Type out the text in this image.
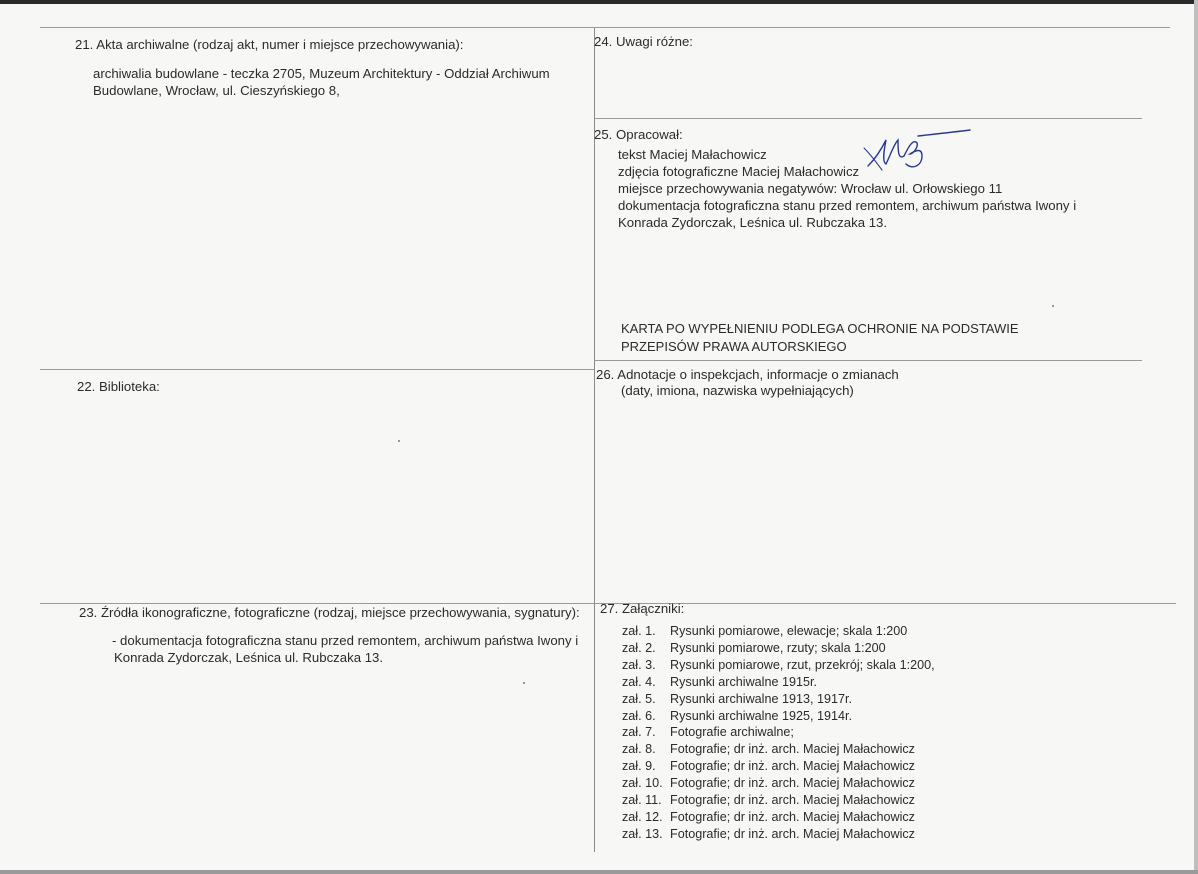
21. Akta archiwalne (rodzaj akt, numer i miejsce przechowywania):
archiwalia budowlane - teczka 2705, Muzeum Architektury - Oddział Archiwum
Budowlane, Wrocław, ul. Cieszyńskiego 8,
24. Uwagi różne:
25. Opracował:
tekst Maciej Małachowicz
zdjęcia fotograficzne Maciej Małachowicz
miejsce przechowywania negatywów: Wrocław ul. Orłowskiego 11
dokumentacja fotograficzna stanu przed remontem, archiwum państwa Iwony i
Konrada Zydorczak, Leśnica ul. Rubczaka 13.
KARTA PO WYPEŁNIENIU PODLEGA OCHRONIE NA PODSTAWIE
PRZEPISÓW PRAWA AUTORSKIEGO
22. Biblioteka:
26. Adnotacje o inspekcjach, informacje o zmianach
(daty, imiona, nazwiska wypełniających)
23. Źródła ikonograficzne, fotograficzne (rodzaj, miejsce przechowywania, sygnatury):
- dokumentacja fotograficzna stanu przed remontem, archiwum państwa Iwony i
Konrada Zydorczak, Leśnica ul. Rubczaka 13.
27. Załączniki:
zał. 1.	Rysunki pomiarowe, elewacje; skala 1:200
zał. 2.	Rysunki pomiarowe, rzuty; skala 1:200
zał. 3.	Rysunki pomiarowe, rzut, przekrój; skala 1:200,
zał. 4.	Rysunki archiwalne 1915r.
zał. 5.	Rysunki archiwalne 1913, 1917r.
zał. 6.	Rysunki archiwalne 1925, 1914r.
zał. 7.	Fotografie archiwalne;
zał. 8.	Fotografie; dr inż. arch. Maciej Małachowicz
zał. 9.	Fotografie; dr inż. arch. Maciej Małachowicz
zał. 10. Fotografie; dr inż. arch. Maciej Małachowicz
zał. 11. Fotografie; dr inż. arch. Maciej Małachowicz
zał. 12. Fotografie; dr inż. arch. Maciej Małachowicz
zał. 13. Fotografie; dr inż. arch. Maciej Małachowicz
